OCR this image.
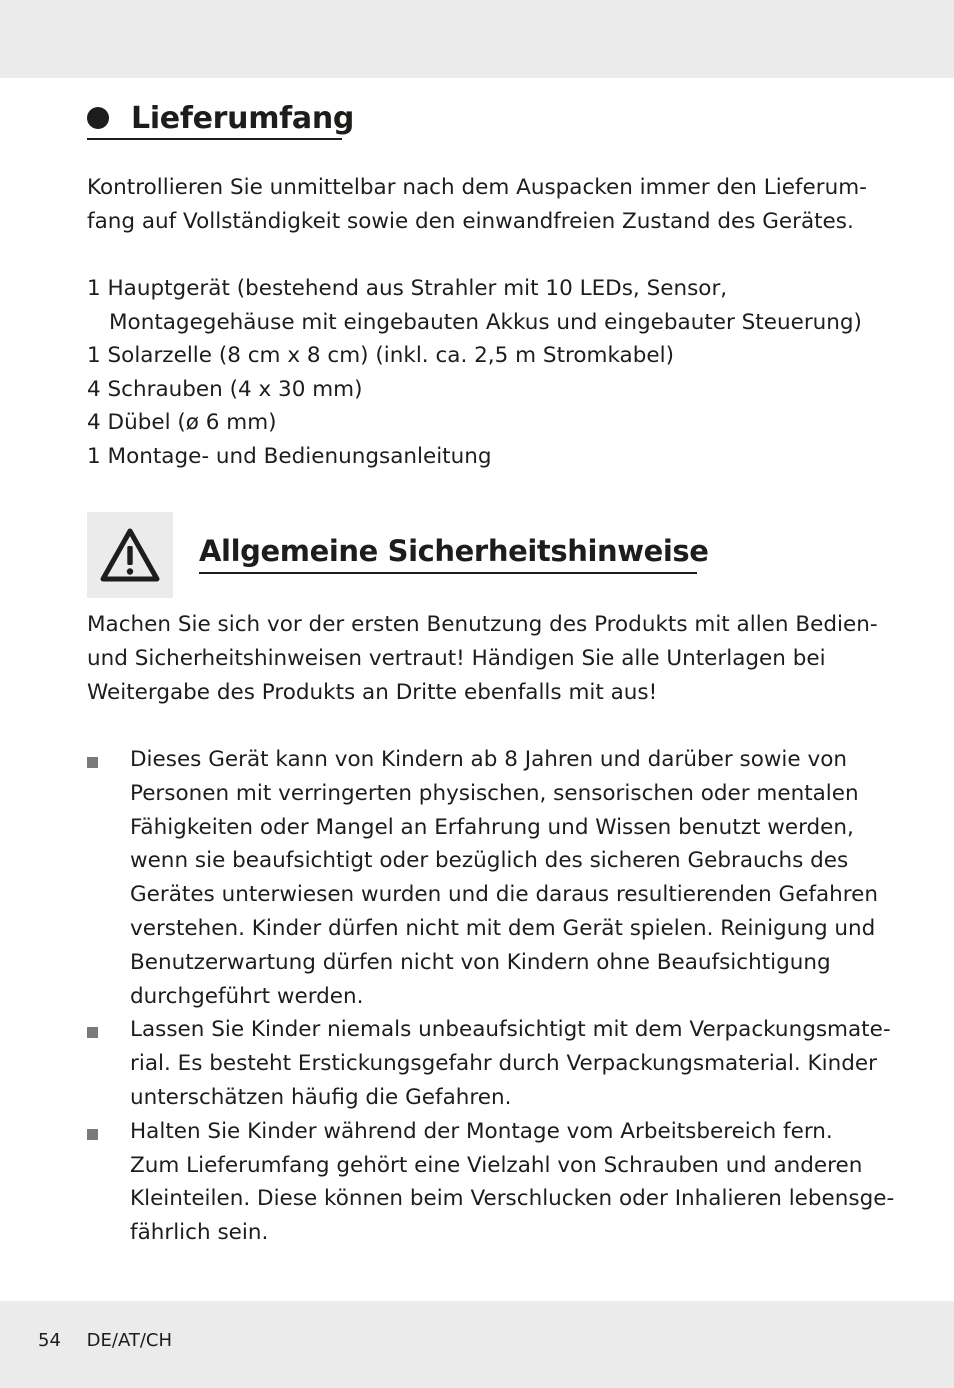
Lieferumfang

Kontrollieren Sie unmittelbar nach dem Auspacken immer den Lieferum-
fang auf Vollständigkeit sowie den einwandfreien Zustand des Gerätes.

1 Hauptgerät (bestehend aus Strahler mit 10 LEDs, Sensor,
Montagegehäuse mit eingebauten Akkus und eingebauter Steuerung)
1 Solarzelle (8 cm x 8 cm) (inkl. ca. 2,5 m Stromkabel)
4 Schrauben (4 x 30 mm)
4 Dübel (ø 6 mm)
1 Montage- und Bedienungsanleitung
Allgemeine Sicherheitshinweise

Machen Sie sich vor der ersten Benutzung des Produkts mit allen Bedien-
und Sicherheitshinweisen vertraut! Händigen Sie alle Unterlagen bei
Weitergabe des Produkts an Dritte ebenfalls mit aus!

Dieses Gerät kann von Kindern ab 8 Jahren und darüber sowie von
Personen mit verringerten physischen, sensorischen oder mentalen
Fähigkeiten oder Mangel an Erfahrung und Wissen benutzt werden,
wenn sie beaufsichtigt oder bezüglich des sicheren Gebrauchs des
Gerätes unterwiesen wurden und die daraus resultierenden Gefahren
verstehen. Kinder dürfen nicht mit dem Gerät spielen. Reinigung und
Benutzerwartung dürfen nicht von Kindern ohne Beaufsichtigung
durchgeführt werden.
Lassen Sie Kinder niemals unbeaufsichtigt mit dem Verpackungsmate-
rial. Es besteht Erstickungsgefahr durch Verpackungsmaterial. Kinder
unterschätzen häufig die Gefahren.
Halten Sie Kinder während der Montage vom Arbeitsbereich fern.
Zum Lieferumfang gehört eine Vielzahl von Schrauben und anderen
Kleinteilen. Diese können beim Verschlucken oder Inhalieren lebensge-
fährlich sein.
54 DE/AT/CH
